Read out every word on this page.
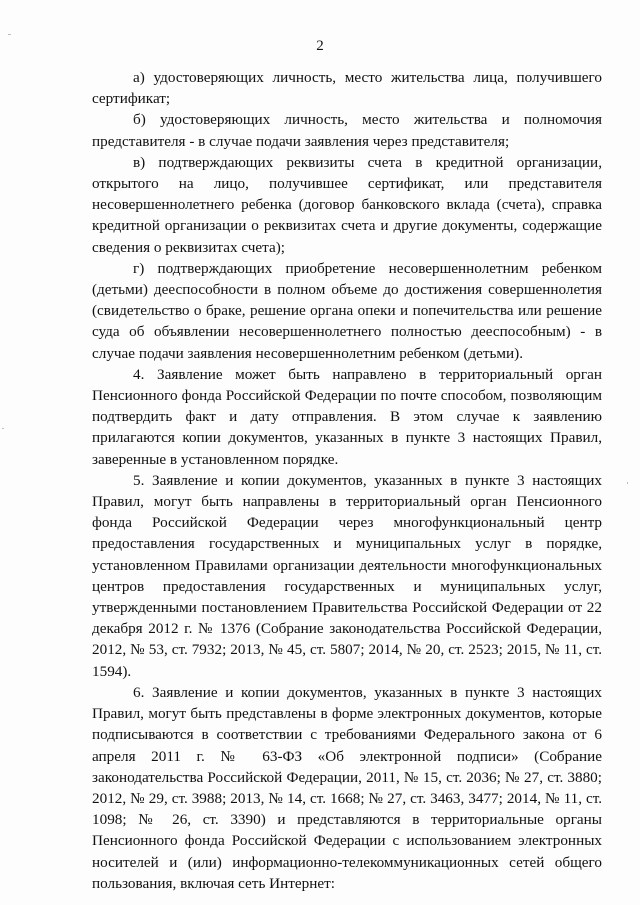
2

а) удостоверяющих личность, место жительства лица, получившего сертификат;

б) удостоверяющих личность, место жительства и полномочия представителя - в случае подачи заявления через представителя;

в) подтверждающих реквизиты счета в кредитной организации, открытого на лицо, получившее сертификат, или представителя несовершеннолетнего ребенка (договор банковского вклада (счета), справка кредитной организации о реквизитах счета и другие документы, содержащие сведения о реквизитах счета);

г) подтверждающих приобретение несовершеннолетним ребенком (детьми) дееспособности в полном объеме до достижения совершеннолетия (свидетельство о браке, решение органа опеки и попечительства или решение суда об объявлении несовершеннолетнего полностью дееспособным) - в случае подачи заявления несовершеннолетним ребенком (детьми).

4. Заявление может быть направлено в территориальный орган Пенсионного фонда Российской Федерации по почте способом, позволяющим подтвердить факт и дату отправления. В этом случае к заявлению прилагаются копии документов, указанных в пункте 3 настоящих Правил, заверенные в установленном порядке.

5. Заявление и копии документов, указанных в пункте 3 настоящих Правил, могут быть направлены в территориальный орган Пенсионного фонда Российской Федерации через многофункциональный центр предоставления государственных и муниципальных услуг в порядке, установленном Правилами организации деятельности многофункциональных центров предоставления государственных и муниципальных услуг, утвержденными постановлением Правительства Российской Федерации от 22 декабря 2012 г. № 1376 (Собрание законодательства Российской Федерации, 2012, № 53, ст. 7932; 2013, № 45, ст. 5807; 2014, № 20, ст. 2523; 2015, № 11, ст. 1594).

6. Заявление и копии документов, указанных в пункте 3 настоящих Правил, могут быть представлены в форме электронных документов, которые подписываются в соответствии с требованиями Федерального закона от 6 апреля 2011 г. № 63-ФЗ «Об электронной подписи» (Собрание законодательства Российской Федерации, 2011, № 15, ст. 2036; № 27, ст. 3880; 2012, № 29, ст. 3988; 2013, № 14, ст. 1668; № 27, ст. 3463, 3477; 2014, № 11, ст. 1098; № 26, ст. 3390) и представляются в территориальные органы Пенсионного фонда Российской Федерации с использованием электронных носителей и (или) информационно-телекоммуникационных сетей общего пользования, включая сеть Интернет:
